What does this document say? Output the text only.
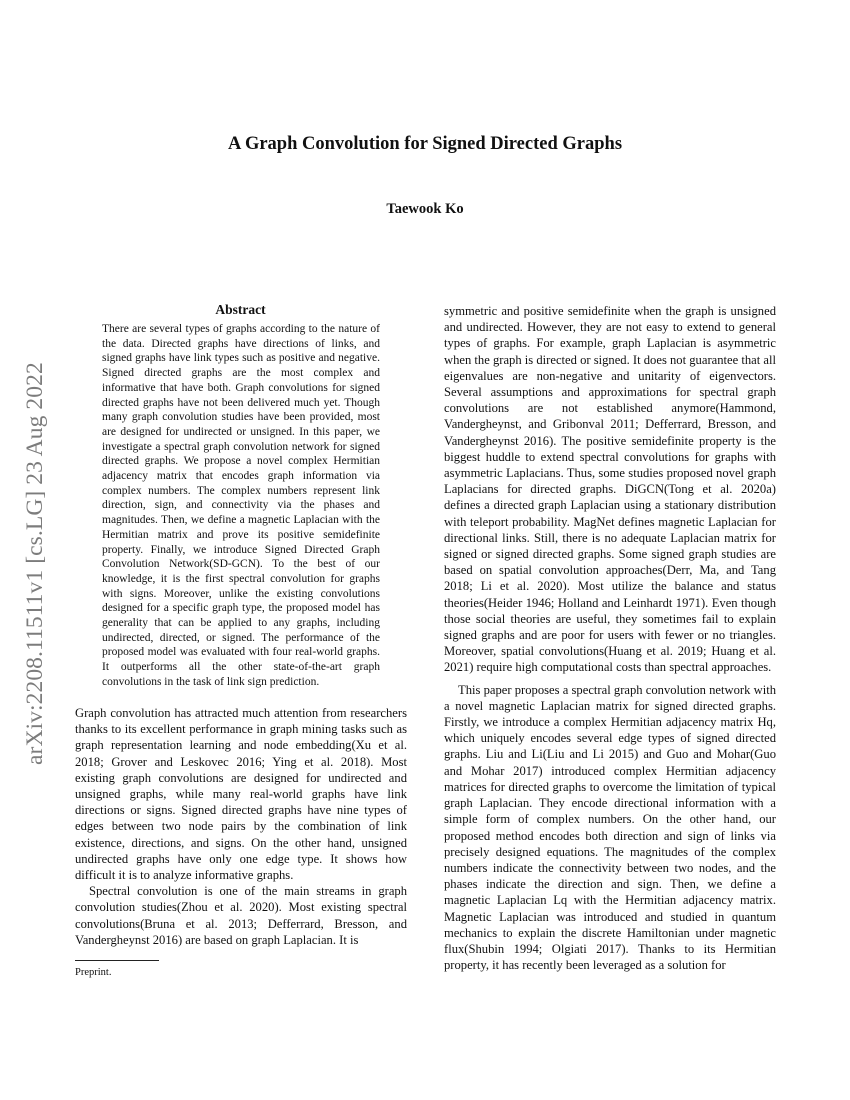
A Graph Convolution for Signed Directed Graphs
Taewook Ko
arXiv:2208.11511v1 [cs.LG] 23 Aug 2022
Abstract

There are several types of graphs according to the nature of the data. Directed graphs have directions of links, and signed graphs have link types such as positive and negative. Signed directed graphs are the most complex and informative that have both. Graph convolutions for signed directed graphs have not been delivered much yet. Though many graph convolution studies have been provided, most are designed for undirected or unsigned. In this paper, we investigate a spectral graph convolution network for signed directed graphs. We propose a novel complex Hermitian adjacency matrix that encodes graph information via complex numbers. The complex numbers represent link direction, sign, and connectivity via the phases and magnitudes. Then, we define a magnetic Laplacian with the Hermitian matrix and prove its positive semidefinite property. Finally, we introduce Signed Directed Graph Convolution Network(SD-GCN). To the best of our knowledge, it is the first spectral convolution for graphs with signs. Moreover, unlike the existing convolutions designed for a specific graph type, the proposed model has generality that can be applied to any graphs, including undirected, directed, or signed. The performance of the proposed model was evaluated with four real-world graphs. It outperforms all the other state-of-the-art graph convolutions in the task of link sign prediction.

Graph convolution has attracted much attention from researchers thanks to its excellent performance in graph mining tasks such as graph representation learning and node embedding(Xu et al. 2018; Grover and Leskovec 2016; Ying et al. 2018). Most existing graph convolutions are designed for undirected and unsigned graphs, while many real-world graphs have link directions or signs. Signed directed graphs have nine types of edges between two node pairs by the combination of link existence, directions, and signs. On the other hand, unsigned undirected graphs have only one edge type. It shows how difficult it is to analyze informative graphs.

Spectral convolution is one of the main streams in graph convolution studies(Zhou et al. 2020). Most existing spectral convolutions(Bruna et al. 2013; Defferrard, Bresson, and Vandergheynst 2016) are based on graph Laplacian. It is

Preprint.

symmetric and positive semidefinite when the graph is unsigned and undirected. However, they are not easy to extend to general types of graphs. For example, graph Laplacian is asymmetric when the graph is directed or signed. It does not guarantee that all eigenvalues are non-negative and unitarity of eigenvectors. Several assumptions and approximations for spectral graph convolutions are not established anymore(Hammond, Vandergheynst, and Gribonval 2011; Defferrard, Bresson, and Vandergheynst 2016). The positive semidefinite property is the biggest huddle to extend spectral convolutions for graphs with asymmetric Laplacians. Thus, some studies proposed novel graph Laplacians for directed graphs. DiGCN(Tong et al. 2020a) defines a directed graph Laplacian using a stationary distribution with teleport probability. MagNet defines magnetic Laplacian for directional links. Still, there is no adequate Laplacian matrix for signed or signed directed graphs. Some signed graph studies are based on spatial convolution approaches(Derr, Ma, and Tang 2018; Li et al. 2020). Most utilize the balance and status theories(Heider 1946; Holland and Leinhardt 1971). Even though those social theories are useful, they sometimes fail to explain signed graphs and are poor for users with fewer or no triangles. Moreover, spatial convolutions(Huang et al. 2019; Huang et al. 2021) require high computational costs than spectral approaches.

This paper proposes a spectral graph convolution network with a novel magnetic Laplacian matrix for signed directed graphs. Firstly, we introduce a complex Hermitian adjacency matrix Hq, which uniquely encodes several edge types of signed directed graphs. Liu and Li(Liu and Li 2015) and Guo and Mohar(Guo and Mohar 2017) introduced complex Hermitian adjacency matrices for directed graphs to overcome the limitation of typical graph Laplacian. They encode directional information with a simple form of complex numbers. On the other hand, our proposed method encodes both direction and sign of links via precisely designed equations. The magnitudes of the complex numbers indicate the connectivity between two nodes, and the phases indicate the direction and sign. Then, we define a magnetic Laplacian Lq with the Hermitian adjacency matrix. Magnetic Laplacian was introduced and studied in quantum mechanics to explain the discrete Hamiltonian under magnetic flux(Shubin 1994; Olgiati 2017). Thanks to its Hermitian property, it has recently been leveraged as a solution for
